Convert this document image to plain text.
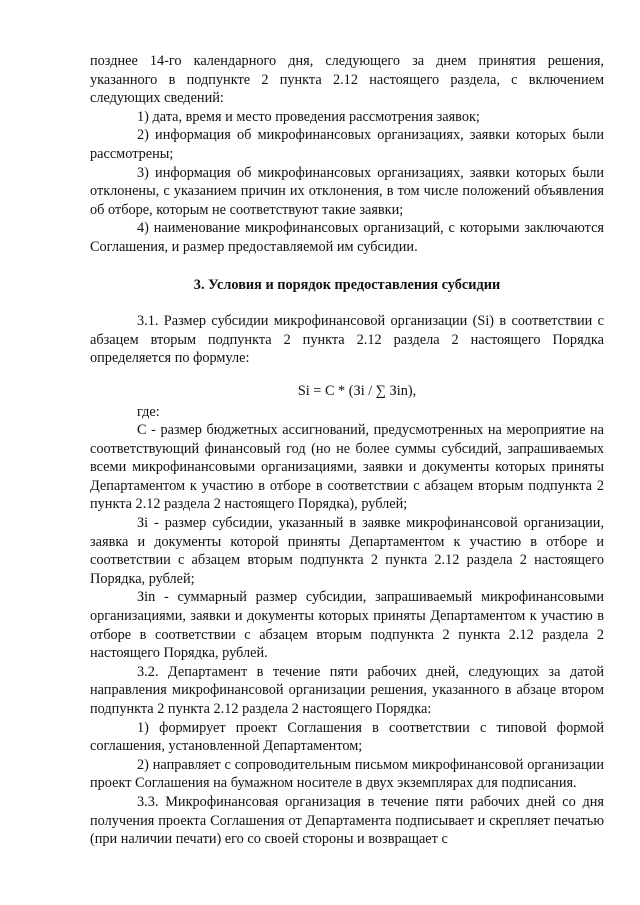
позднее 14-го календарного дня, следующего за днем принятия решения, указанного в подпункте 2 пункта 2.12 настоящего раздела, с включением следующих сведений:

1) дата, время и место проведения рассмотрения заявок;

2) информация об микрофинансовых организациях, заявки которых были рассмотрены;

3) информация об микрофинансовых организациях, заявки которых были отклонены, с указанием причин их отклонения, в том числе положений объявления об отборе, которым не соответствуют такие заявки;

4) наименование микрофинансовых организаций, с которыми заключаются Соглашения, и размер предоставляемой им субсидии.

3. Условия и порядок предоставления субсидии

3.1. Размер субсидии микрофинансовой организации (Si) в соответствии с абзацем вторым подпункта 2 пункта 2.12 раздела 2 настоящего Порядка определяется по формуле:

Si = C * (Зi / ∑ Зin),

где:

C - размер бюджетных ассигнований, предусмотренных на мероприятие на соответствующий финансовый год (но не более суммы субсидий, запрашиваемых всеми микрофинансовыми организациями, заявки и документы которых приняты Департаментом к участию в отборе в соответствии с абзацем вторым подпункта 2 пункта 2.12 раздела 2 настоящего Порядка), рублей;

Зi - размер субсидии, указанный в заявке микрофинансовой организации, заявка и документы которой приняты Департаментом к участию в отборе и соответствии с абзацем вторым подпункта 2 пункта 2.12 раздела 2 настоящего Порядка, рублей;

Зin - суммарный размер субсидии, запрашиваемый микрофинансовыми организациями, заявки и документы которых приняты Департаментом к участию в отборе в соответствии с абзацем вторым подпункта 2 пункта 2.12 раздела 2 настоящего Порядка, рублей.

3.2. Департамент в течение пяти рабочих дней, следующих за датой направления микрофинансовой организации решения, указанного в абзаце втором подпункта 2 пункта 2.12 раздела 2 настоящего Порядка:

1) формирует проект Соглашения в соответствии с типовой формой соглашения, установленной Департаментом;

2) направляет с сопроводительным письмом микрофинансовой организации проект Соглашения на бумажном носителе в двух экземплярах для подписания.

3.3. Микрофинансовая организация в течение пяти рабочих дней со дня получения проекта Соглашения от Департамента подписывает и скрепляет печатью (при наличии печати) его со своей стороны и возвращает с
